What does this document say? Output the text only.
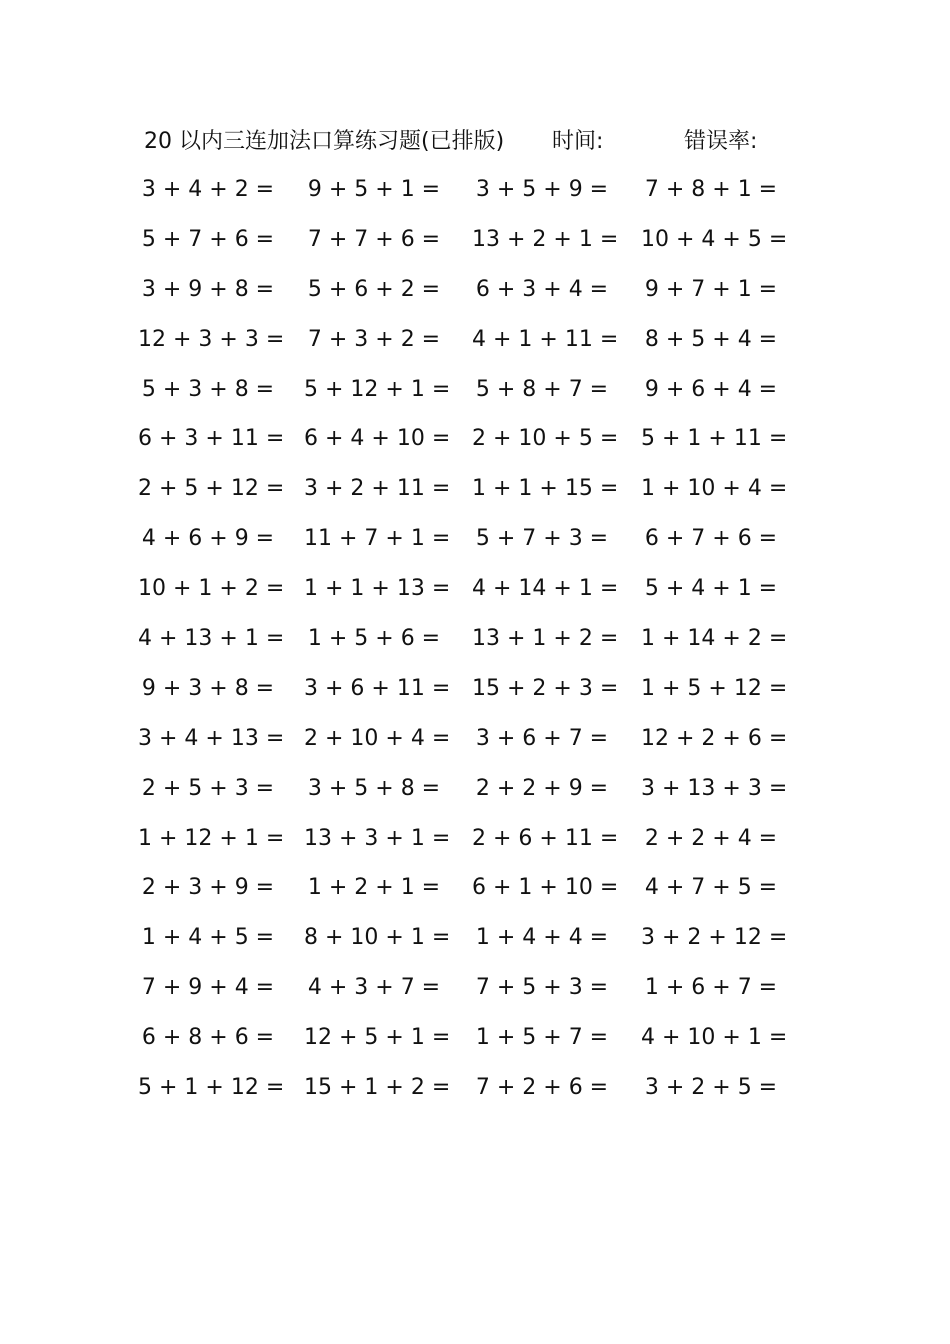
20 以内三连加法口算练习题(已排版) 时间:	错误率:
3 + 4 + 2 = 9 + 5 + 1 = 3 + 5 + 9 = 7 + 8 + 1 =
5 + 7 + 6 = 7 + 7 + 6 = 13 + 2 + 1 = 10 + 4 + 5 =
3 + 9 + 8 = 5 + 6 + 2 = 6 + 3 + 4 = 9 + 7 + 1 =
12 + 3 + 3 = 7 + 3 + 2 = 4 + 1 + 11 = 8 + 5 + 4 =
5 + 3 + 8 = 5 + 12 + 1 = 5 + 8 + 7 = 9 + 6 + 4 =
6 + 3 + 11 = 6 + 4 + 10 = 2 + 10 + 5 = 5 + 1 + 11 =
2 + 5 + 12 = 3 + 2 + 11 = 1 + 1 + 15 = 1 + 10 + 4 =
4 + 6 + 9 = 11 + 7 + 1 = 5 + 7 + 3 = 6 + 7 + 6 =
10 + 1 + 2 = 1 + 1 + 13 = 4 + 14 + 1 = 5 + 4 + 1 =
4 + 13 + 1 = 1 + 5 + 6 = 13 + 1 + 2 = 1 + 14 + 2 =
9 + 3 + 8 = 3 + 6 + 11 = 15 + 2 + 3 = 1 + 5 + 12 =
3 + 4 + 13 = 2 + 10 + 4 = 3 + 6 + 7 = 12 + 2 + 6 =
2 + 5 + 3 = 3 + 5 + 8 = 2 + 2 + 9 = 3 + 13 + 3 =
1 + 12 + 1 = 13 + 3 + 1 = 2 + 6 + 11 = 2 + 2 + 4 =
2 + 3 + 9 = 1 + 2 + 1 = 6 + 1 + 10 = 4 + 7 + 5 =
1 + 4 + 5 = 8 + 10 + 1 = 1 + 4 + 4 = 3 + 2 + 12 =
7 + 9 + 4 = 4 + 3 + 7 = 7 + 5 + 3 = 1 + 6 + 7 =
6 + 8 + 6 = 12 + 5 + 1 = 1 + 5 + 7 = 4 + 10 + 1 =
5 + 1 + 12 = 15 + 1 + 2 = 7 + 2 + 6 = 3 + 2 + 5 =
